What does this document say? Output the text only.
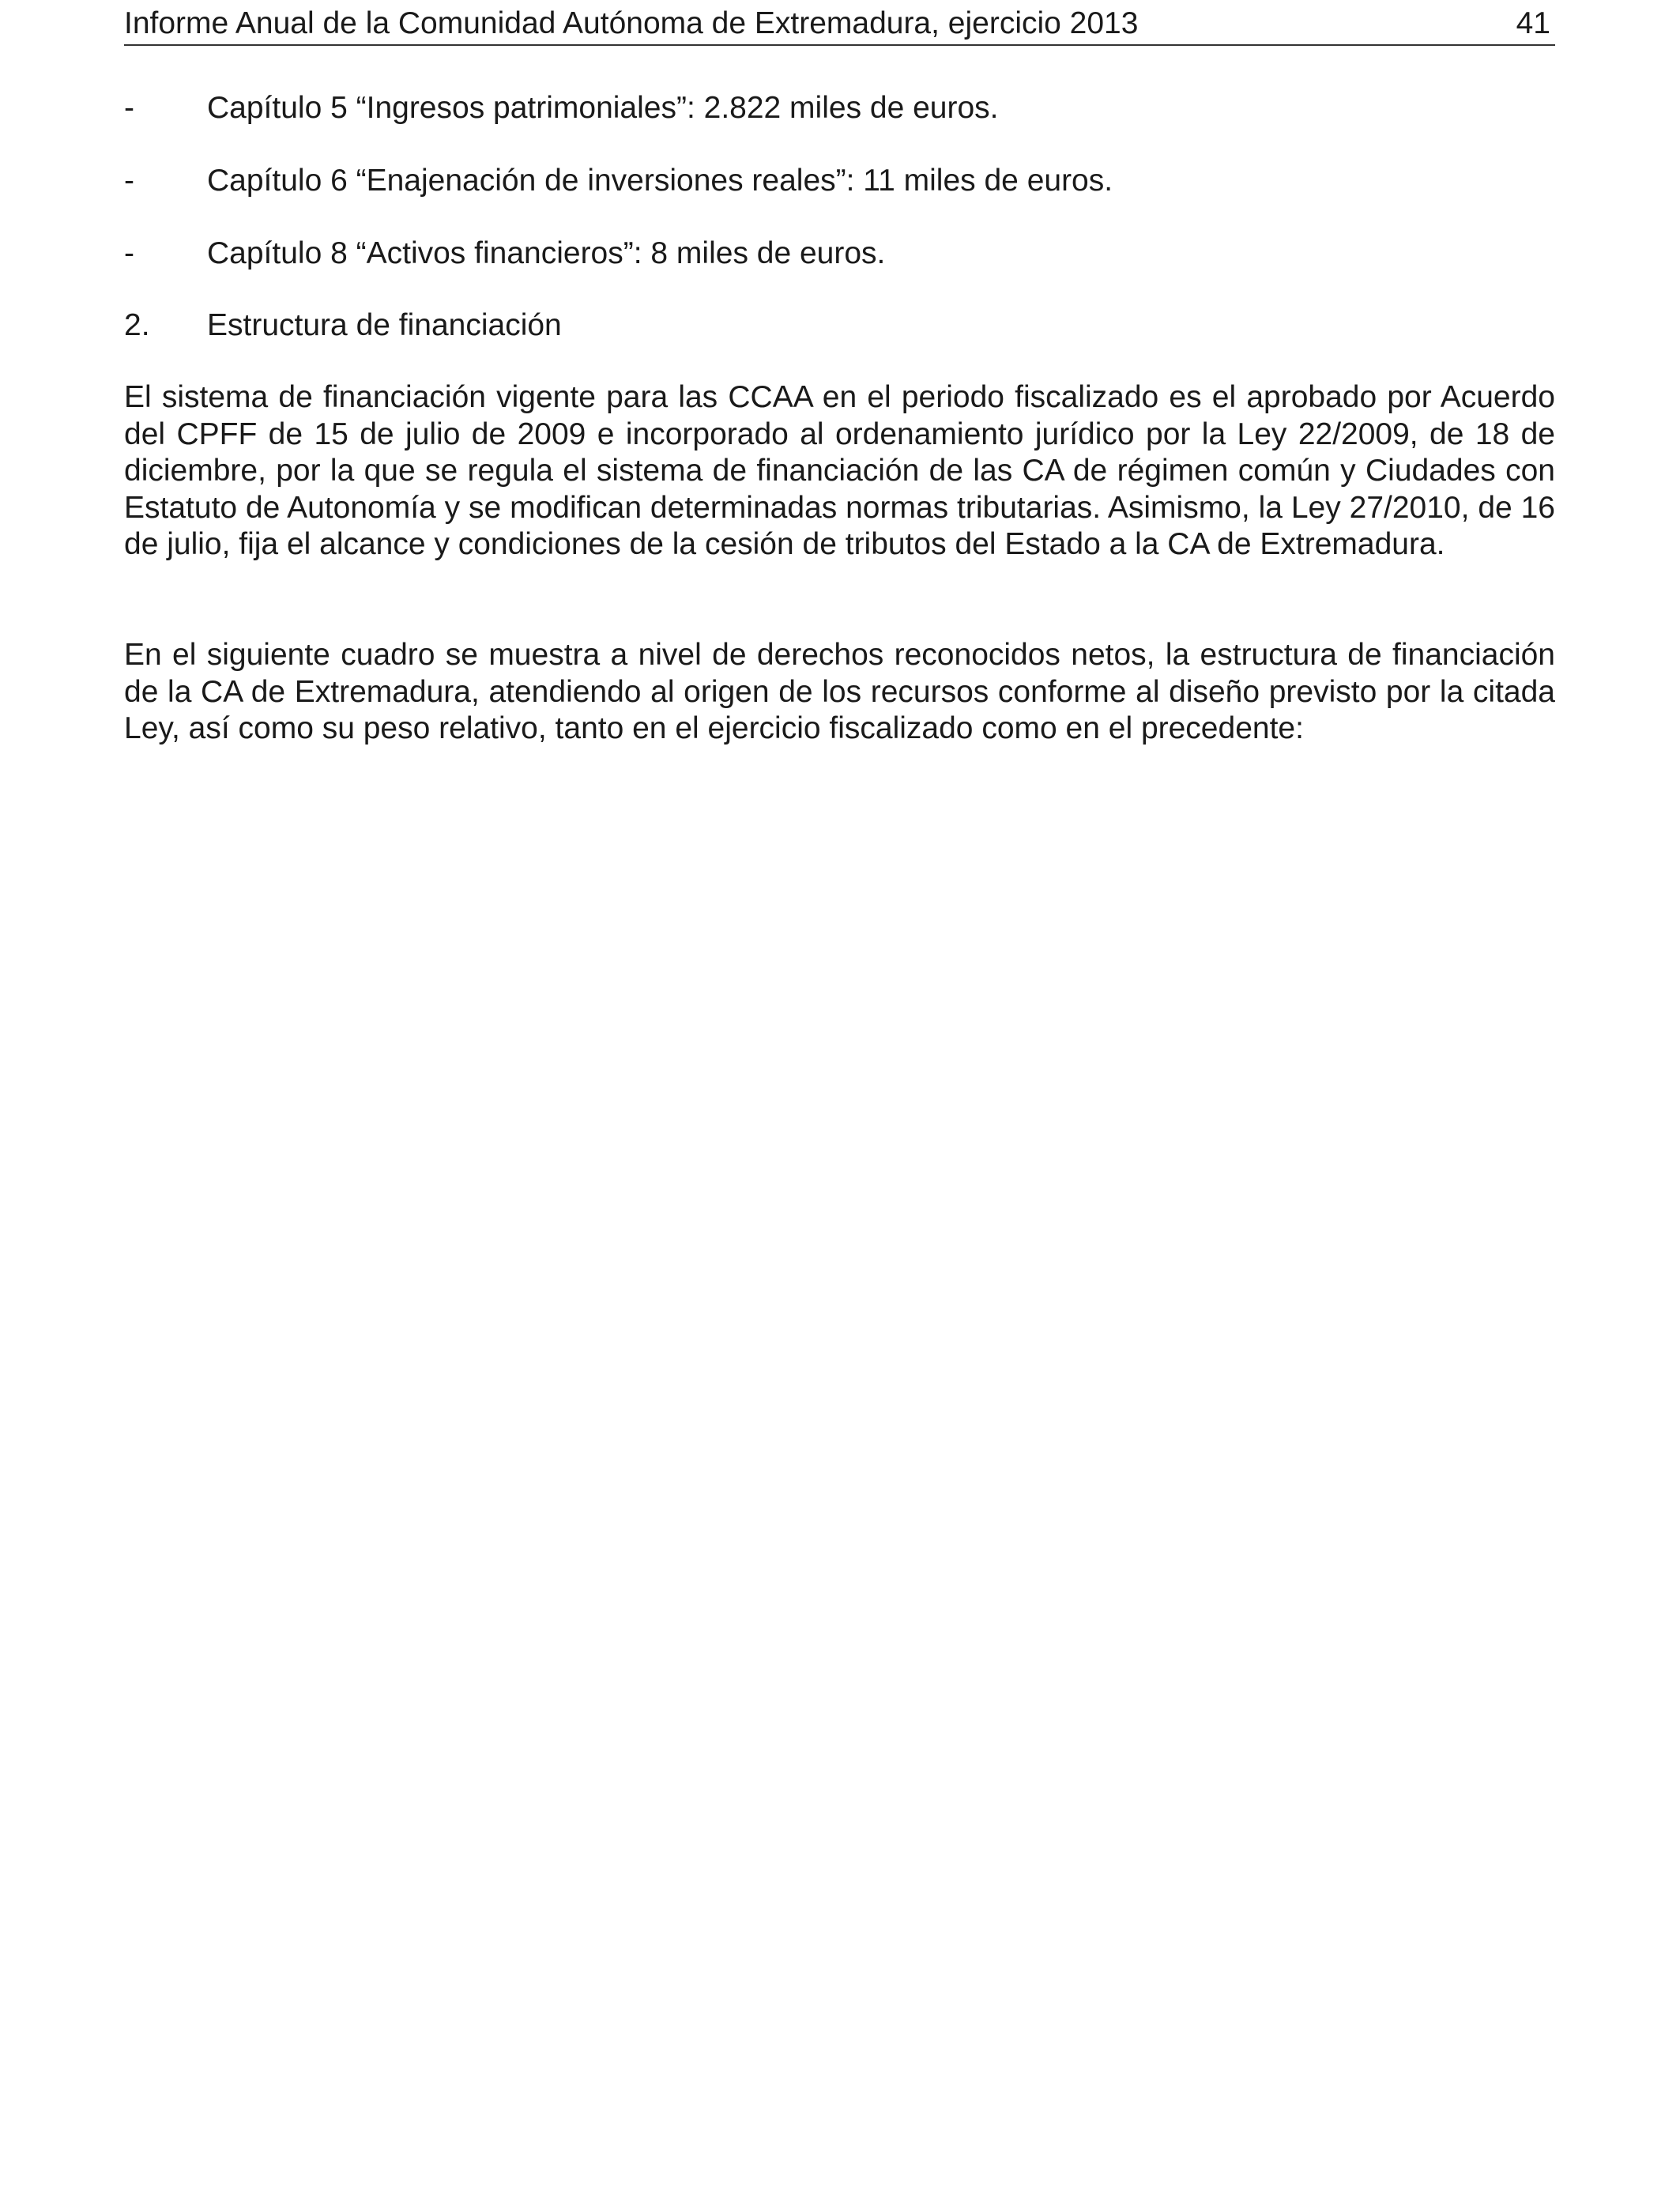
Informe Anual de la Comunidad Autónoma de Extremadura, ejercicio 2013	41
-	Capítulo 5 “Ingresos patrimoniales”: 2.822 miles de euros.
-	Capítulo 6 “Enajenación de inversiones reales”: 11 miles de euros.
-	Capítulo 8 “Activos financieros”: 8 miles de euros.
2.	Estructura de financiación

El sistema de financiación vigente para las CCAA en el periodo fiscalizado es el aprobado por Acuerdo del CPFF de 15 de julio de 2009 e incorporado al ordenamiento jurídico por la Ley 22/2009, de 18 de diciembre, por la que se regula el sistema de financiación de las CA de régimen común y Ciudades con Estatuto de Autonomía y se modifican determinadas normas tributarias. Asimismo, la Ley 27/2010, de 16 de julio, fija el alcance y condiciones de la cesión de tributos del Estado a la CA de Extremadura.

En el siguiente cuadro se muestra a nivel de derechos reconocidos netos, la estructura de financiación de la CA de Extremadura, atendiendo al origen de los recursos conforme al diseño previsto por la citada Ley, así como su peso relativo, tanto en el ejercicio fiscalizado como en el precedente:
